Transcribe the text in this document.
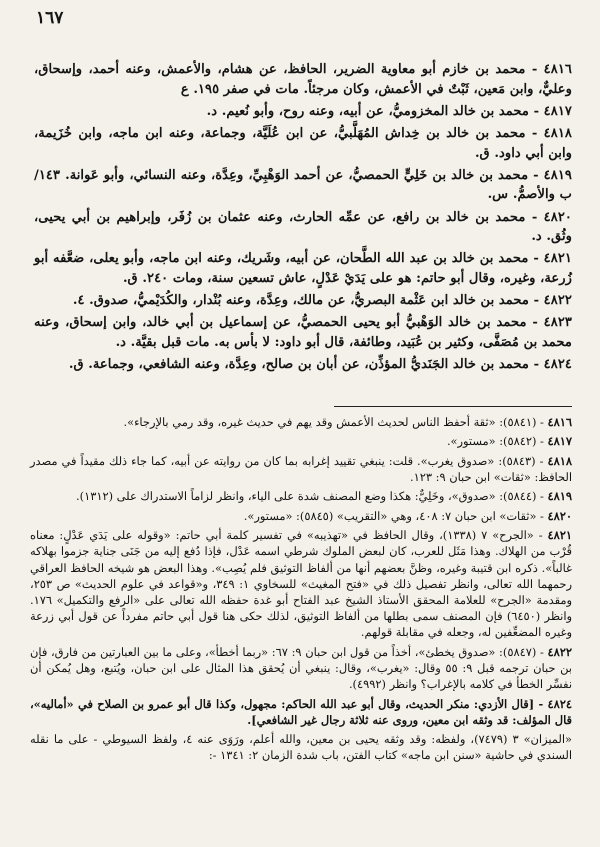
١٦٧

٤٨١٦ - محمد بن خازم أبو معاوية الضرير، الحافظ، عن هشام، والأعمش، وعنه أحمد، وإسحاق، وعليٌّ، وابن مَعين، ثَبْتٌ في الأعمش، وكان مرجئاً. مات في صفر ١٩٥. ع

٤٨١٧ - محمد بن خالد المخزوميُّ، عن أبيه، وعنه روح، وأبو نُعيم. د.

٤٨١٨ - محمد بن خالد بن خِداش المُهَلَّبيُّ، عن ابن عُلَيَّة، وجماعة، وعنه ابن ماجه، وابن خُزَيمة، وابن أبي داود. ق.

٤٨١٩ - محمد بن خالد بن خَلِيٍّ الحمصيُّ، عن أحمد الوَهْبِيِّ، وعِدَّة، وعنه النسائي، وأبو عَوانة. ١٤٣/ب والأصمُّ. س.

٤٨٢٠ - محمد بن خالد بن رافع، عن عمِّه الحارث، وعنه عثمان بن زُفَر، وإبراهيم بن أبي يحيى، وثُق. د.

٤٨٢١ - محمد بن خالد بن عبد الله الطَّحان، عن أبيه، وشَريك، وعنه ابن ماجه، وأبو يعلى، ضعَّفه أبو زُرعة، وغيره، وقال أبو حاتم: هو على يَدَيْ عَدْلٍ، عاش تسعين سنة، ومات ٢٤٠. ق.

٤٨٢٢ - محمد بن خالد ابن عَثْمة البصريُّ، عن مالك، وعِدَّة، وعنه بُنْدار، والكُدَيْميُّ، صدوق. ٤.

٤٨٢٣ - محمد بن خالد الوَهْبيُّ أبو يحيى الحمصيُّ، عن إسماعيل بن أبي خالد، وابن إسحاق، وعنه محمد بن مُصَفَّى، وكثير بن عُبَيد، وطائفة، قال أبو داود: لا بأس به. مات قبل بقيَّة. د.

٤٨٢٤ - محمد بن خالد الجَنَديُّ المؤذِّن، عن أبان بن صالح، وعِدَّة، وعنه الشافعي، وجماعة. ق.

٤٨١٦ - (٥٨٤١): «ثقة أحفظ الناس لحديث الأعمش وقد يهم في حديث غيره، وقد رمي بالإرجاء».

٤٨١٧ - (٥٨٤٢): «مستور».

٤٨١٨ - (٥٨٤٣): «صدوق يغرب». قلت: ينبغي تقييد إغرابه بما كان من روايته عن أبيه، كما جاء ذلك مقيداً في مصدر الحافظ: «ثقات» ابن حبان ٩: ١٢٣.

٤٨١٩ - (٥٨٤٤): «صدوق»، وخَلِيٌّ: هكذا وضع المصنف شدة على الياء، وانظر لزاماً الاستدراك على (١٣١٢).

٤٨٢٠ - «ثقات» ابن حبان ٧: ٤٠٨، وهي «التقريب» (٥٨٤٥): «مستور».

٤٨٢١ - «الجرح» ٧ (١٣٣٨)، وقال الحافظ في «تهذيبه» في تفسير كلمة أبي حاتم: «وقوله على يَدَي عَدْلٍ: معناه قُرْب من الهلاك. وهذا مَثَل للعرب، كان لبعض الملوك شرطي اسمه عَدْل، فإذا دُفع إليه من جَنَى جناية جزموا بهلاكه غالباً». ذكره ابن قتيبة وغيره، وظنَّ بعضهم أنها من ألفاظ التوثيق فلم يُصِب». وهذا البعض هو شيخه الحافظ العراقي رحمهما الله تعالى، وانظر تفصيل ذلك في «فتح المغيث» للسخاوي ١: ٣٤٩، و«قواعد في علوم الحديث» ص ٢٥٣، ومقدمة «الجرح» للعلامة المحقق الأستاذ الشيخ عبد الفتاح أبو غدة حفظه الله تعالى على «الرفع والتكميل» ١٧٦. وانظر (٦٤٥٠) فإن المصنف سمى بطلها من ألفاظ التوثيق، لذلك حكى هنا قول أبي حاتم مفرداً عن قول أبي زرعة وغيره المضعِّفين له، وجعله في مقابلة قولهم.

٤٨٢٢ - (٥٨٤٧): «صدوق يخطئ»، أخذاً من قول ابن حبان ٩: ٦٧: «ربما أخطأ»، وعلى ما بين العبارتين من فارق، فإن بن حبان ترجمه قبل ٩: ٥٥ وقال: «يغرب»، وقال: ينبغي أن يُحقق هذا المثال على ابن حبان، ويُتبع، وهل يُمكن أن نفسِّر الخطأ في كلامه بالإغراب؟ وانظر (٤٩٩٢).

٤٨٢٤ - [قال الأزدي: منكر الحديث، وقال أبو عبد الله الحاكم: مجهول، وكذا قال أبو عمرو بن الصلاح في «أماليه»، قال المؤلف: قد وثقه ابن معين، وروى عنه ثلاثة رجال غير الشافعي].

«الميزان» ٣ (٧٤٧٩)، ولفظه: وقد وثقه يحيى بن معين، والله أعلم، ورَوَى عنه ٤، ولفظ السيوطي - على ما نقله السندي في حاشية «سنن ابن ماجه» كتاب الفتن، باب شدة الزمان ٢: ١٣٤١ -:
